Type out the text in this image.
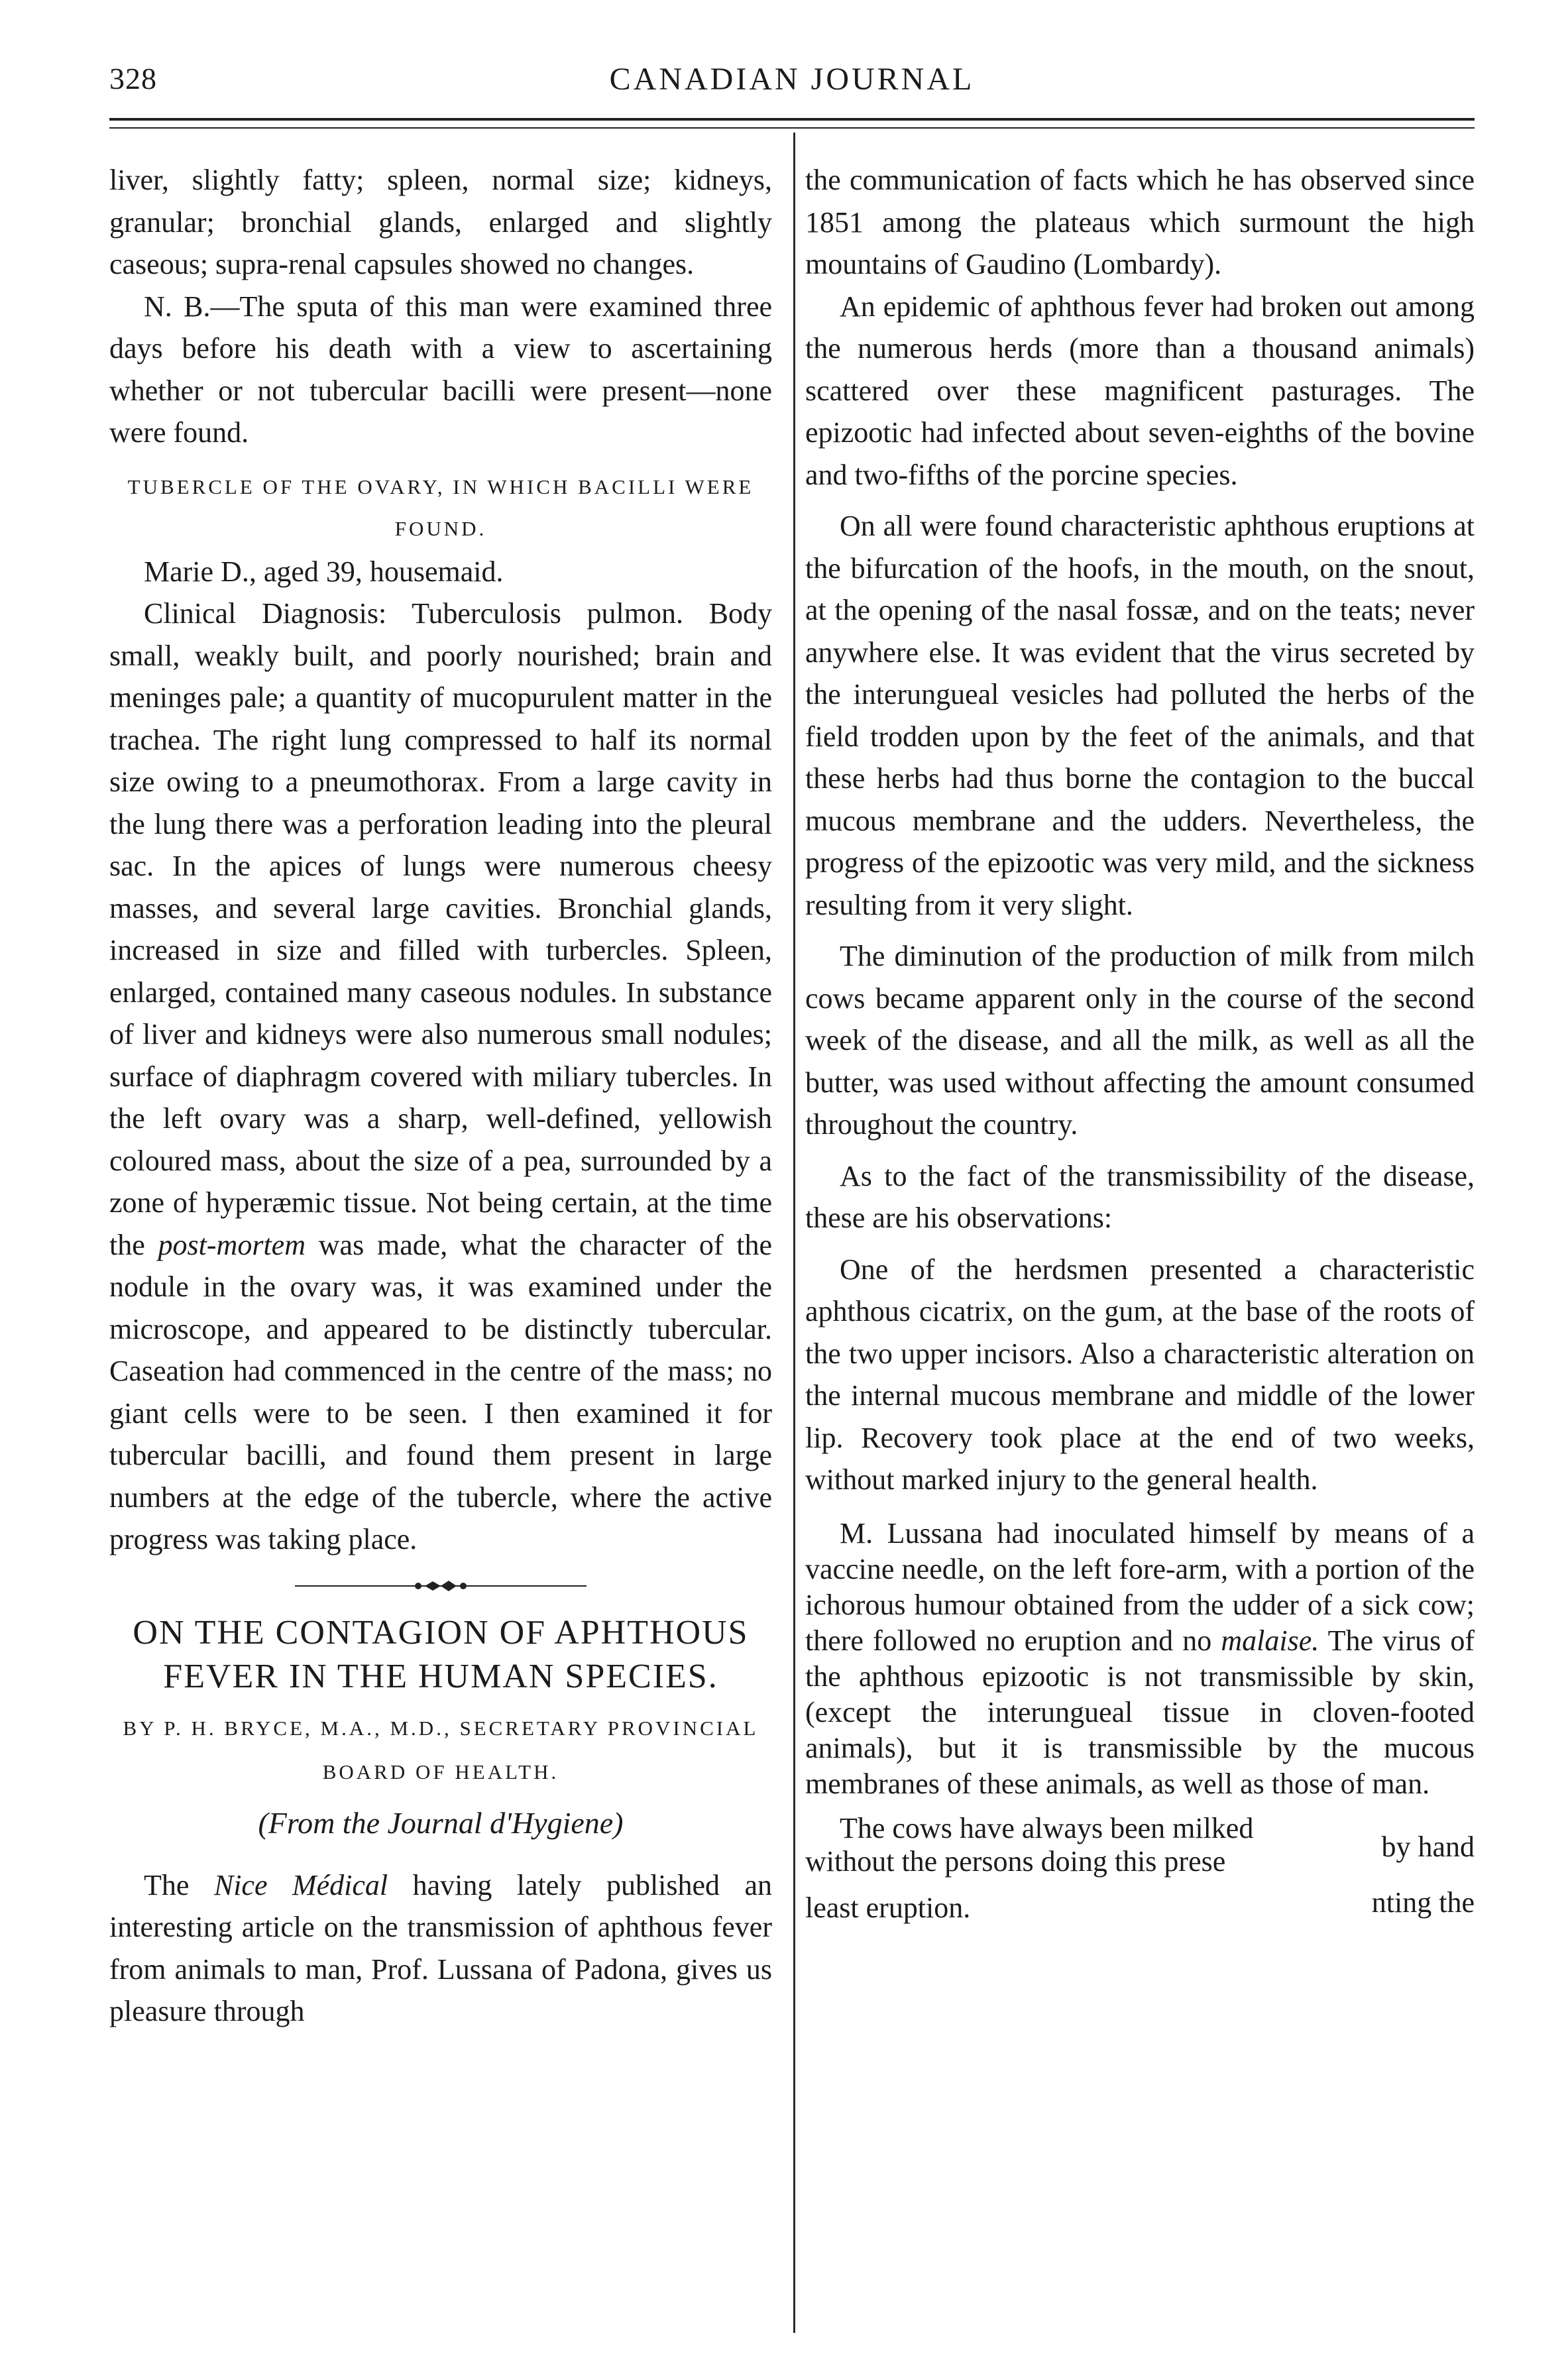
328	CANADIAN JOURNAL

liver, slightly fatty; spleen, normal size; kidneys, granular; bronchial glands, enlarged and slightly caseous; supra-renal capsules showed no changes.

N. B.—The sputa of this man were examined three days before his death with a view to ascertaining whether or not tubercular bacilli were present—none were found.

TUBERCLE OF THE OVARY, IN WHICH BACILLI WERE FOUND.

Marie D., aged 39, housemaid.

Clinical Diagnosis: Tuberculosis pulmon. Body small, weakly built, and poorly nourished; brain and meninges pale; a quantity of mucopurulent matter in the trachea. The right lung compressed to half its normal size owing to a pneumothorax. From a large cavity in the lung there was a perforation leading into the pleural sac. In the apices of lungs were numerous cheesy masses, and several large cavities. Bronchial glands, increased in size and filled with turbercles. Spleen, enlarged, contained many caseous nodules. In substance of liver and kidneys were also numerous small nodules; surface of diaphragm covered with miliary tubercles. In the left ovary was a sharp, well-defined, yellowish coloured mass, about the size of a pea, surrounded by a zone of hyperæmic tissue. Not being certain, at the time the post-mortem was made, what the character of the nodule in the ovary was, it was examined under the microscope, and appeared to be distinctly tubercular. Caseation had commenced in the centre of the mass; no giant cells were to be seen. I then examined it for tubercular bacilli, and found them present in large numbers at the edge of the tubercle, where the active progress was taking place.

ON THE CONTAGION OF APHTHOUS FEVER IN THE HUMAN SPECIES.
BY P. H. BRYCE, M.A., M.D., SECRETARY PROVINCIAL BOARD OF HEALTH.
(From the Journal d'Hygiene)

The Nice Médical having lately published an interesting article on the transmission of aphthous fever from animals to man, Prof. Lussana of Padona, gives us pleasure through

the communication of facts which he has observed since 1851 among the plateaus which surmount the high mountains of Gaudino (Lombardy).

An epidemic of aphthous fever had broken out among the numerous herds (more than a thousand animals) scattered over these magnificent pasturages. The epizootic had infected about seven-eighths of the bovine and two-fifths of the porcine species.

On all were found characteristic aphthous eruptions at the bifurcation of the hoofs, in the mouth, on the snout, at the opening of the nasal fossæ, and on the teats; never anywhere else. It was evident that the virus secreted by the interungueal vesicles had polluted the herbs of the field trodden upon by the feet of the animals, and that these herbs had thus borne the contagion to the buccal mucous membrane and the udders. Nevertheless, the progress of the epizootic was very mild, and the sickness resulting from it very slight.

The diminution of the production of milk from milch cows became apparent only in the course of the second week of the disease, and all the milk, as well as all the butter, was used without affecting the amount consumed throughout the country.

As to the fact of the transmissibility of the disease, these are his observations:

One of the herdsmen presented a characteristic aphthous cicatrix, on the gum, at the base of the roots of the two upper incisors. Also a characteristic alteration on the internal mucous membrane and middle of the lower lip. Recovery took place at the end of two weeks, without marked injury to the general health.

M. Lussana had inoculated himself by means of a vaccine needle, on the left fore-arm, with a portion of the ichorous humour obtained from the udder of a sick cow; there followed no eruption and no malaise. The virus of the aphthous epizootic is not transmissible by skin, (except the interungueal tissue in cloven-footed animals), but it is transmissible by the mucous membranes of these animals, as well as those of man.

The cows have always been milked
by hand
without the persons doing this prese
least eruption.	nting the
